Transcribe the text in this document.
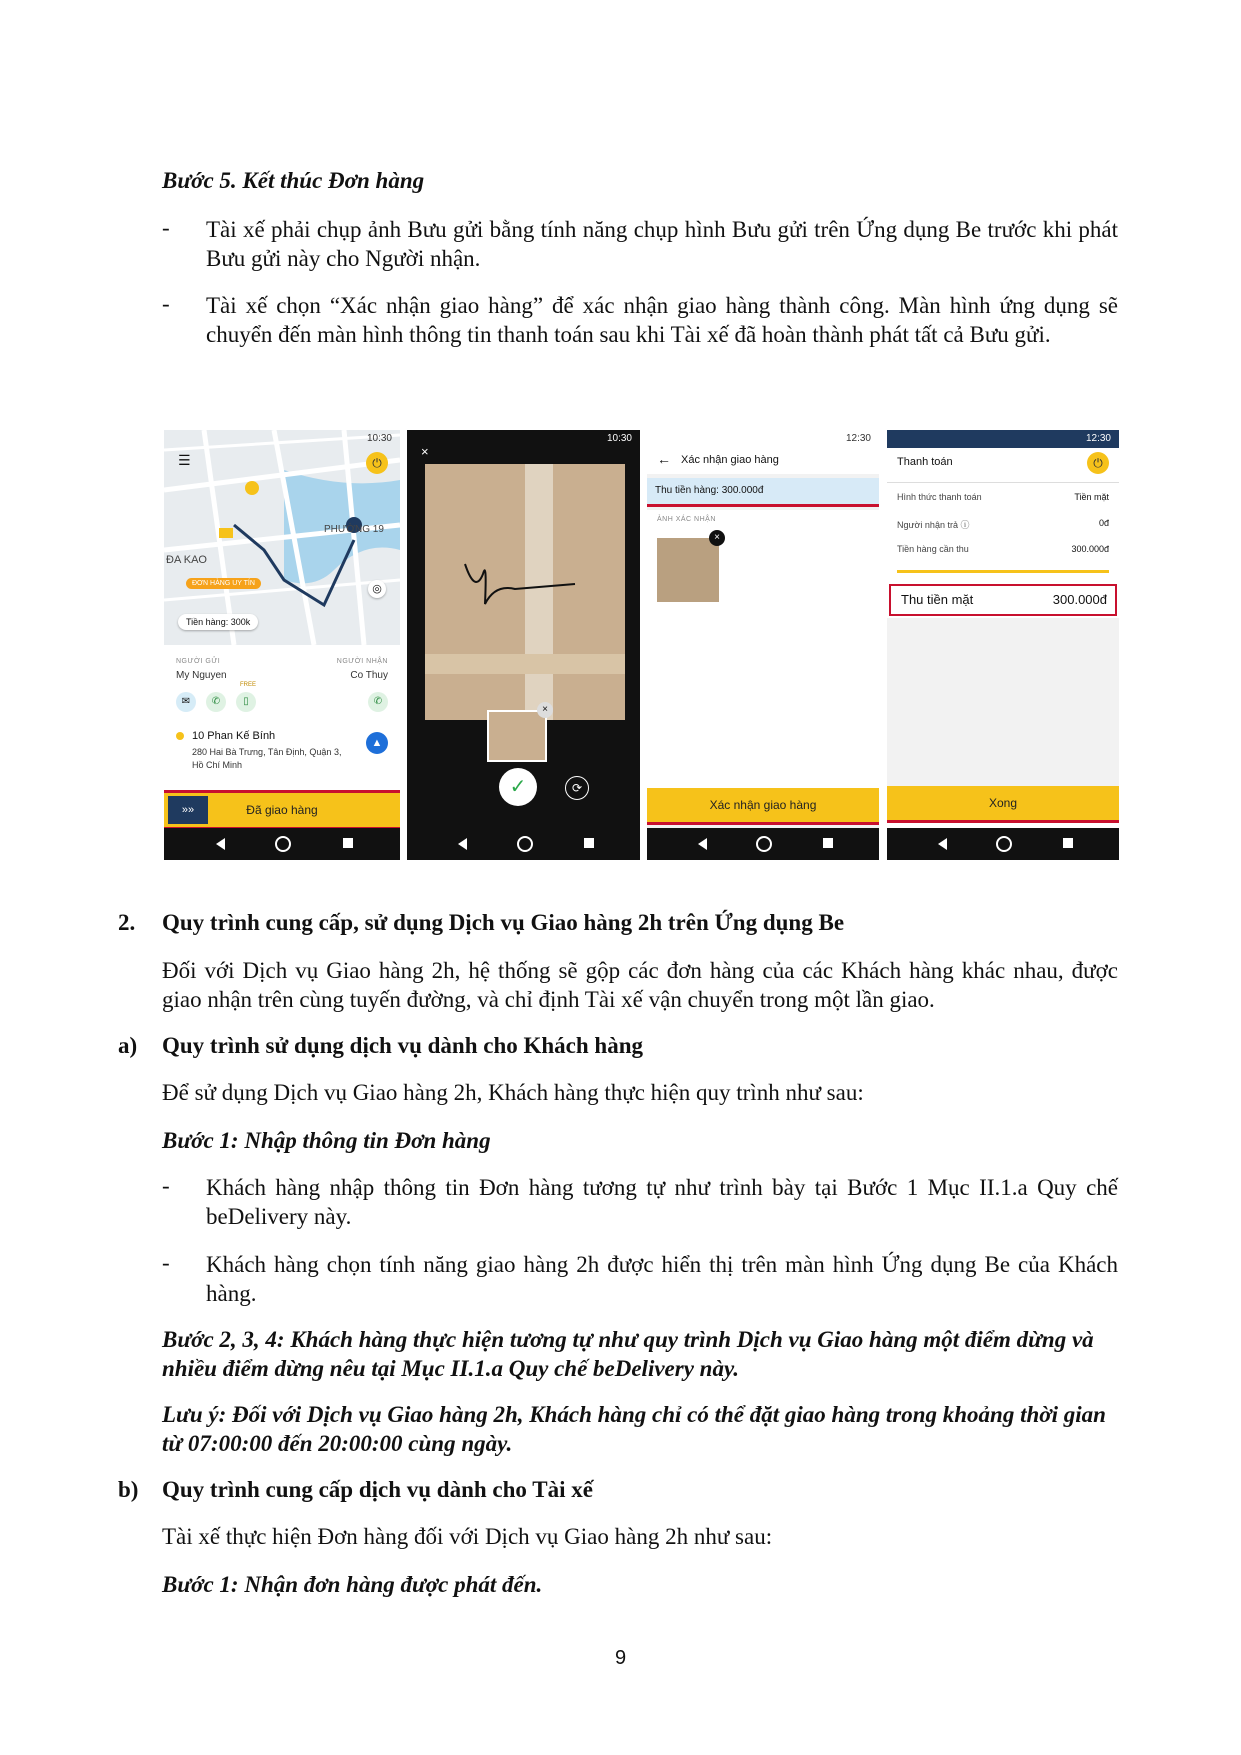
Bước 5. Kết thúc Đơn hàng
- Tài xế phải chụp ảnh Bưu gửi bằng tính năng chụp hình Bưu gửi trên Ứng dụng Be trước khi phát Bưu gửi này cho Người nhận.
- Tài xế chọn “Xác nhận giao hàng” để xác nhận giao hàng thành công. Màn hình ứng dụng sẽ chuyển đến màn hình thông tin thanh toán sau khi Tài xế đã hoàn thành phát tất cả Bưu gửi.
10:30
☰	⏻
PHƯỜNG 19
ĐA KAO
ĐƠN HÀNG UY TÍN
Tiền hàng: 300k
◎
NGƯỜI GỬI
My Nguyen
NGƯỜI NHẬN
Co Thuy
✉	✆
FREE
▯	✆
10 Phan Kế Bính
280 Hai Bà Trưng, Tân Định, Quận 3, Hồ Chí Minh
▲
»»	Đã giao hàng
10:30
×
×
✓	⟳
12:30
← Xác nhận giao hàng
Thu tiền hàng: 300.000đ
ẢNH XÁC NHẬN
×
Xác nhận giao hàng
12:30
Thanh toán	⏻
Hình thức thanh toán	Tiền mặt
Người nhận trả ⓘ	0đ
Tiền hàng cần thu	300.000đ
Thu tiền mặt	300.000đ
Xong
2. Quy trình cung cấp, sử dụng Dịch vụ Giao hàng 2h trên Ứng dụng Be
Đối với Dịch vụ Giao hàng 2h, hệ thống sẽ gộp các đơn hàng của các Khách hàng khác nhau, được giao nhận trên cùng tuyến đường, và chỉ định Tài xế vận chuyển trong một lần giao.
a) Quy trình sử dụng dịch vụ dành cho Khách hàng
Để sử dụng Dịch vụ Giao hàng 2h, Khách hàng thực hiện quy trình như sau:
Bước 1: Nhập thông tin Đơn hàng
- Khách hàng nhập thông tin Đơn hàng tương tự như trình bày tại Bước 1 Mục II.1.a Quy chế beDelivery này.
- Khách hàng chọn tính năng giao hàng 2h được hiển thị trên màn hình Ứng dụng Be của Khách hàng.
Bước 2, 3, 4: Khách hàng thực hiện tương tự như quy trình Dịch vụ Giao hàng một điểm dừng và nhiều điểm dừng nêu tại Mục II.1.a Quy chế beDelivery này.
Lưu ý: Đối với Dịch vụ Giao hàng 2h, Khách hàng chỉ có thể đặt giao hàng trong khoảng thời gian từ 07:00:00 đến 20:00:00 cùng ngày.
b) Quy trình cung cấp dịch vụ dành cho Tài xế
Tài xế thực hiện Đơn hàng đối với Dịch vụ Giao hàng 2h như sau:
Bước 1: Nhận đơn hàng được phát đến.
9
